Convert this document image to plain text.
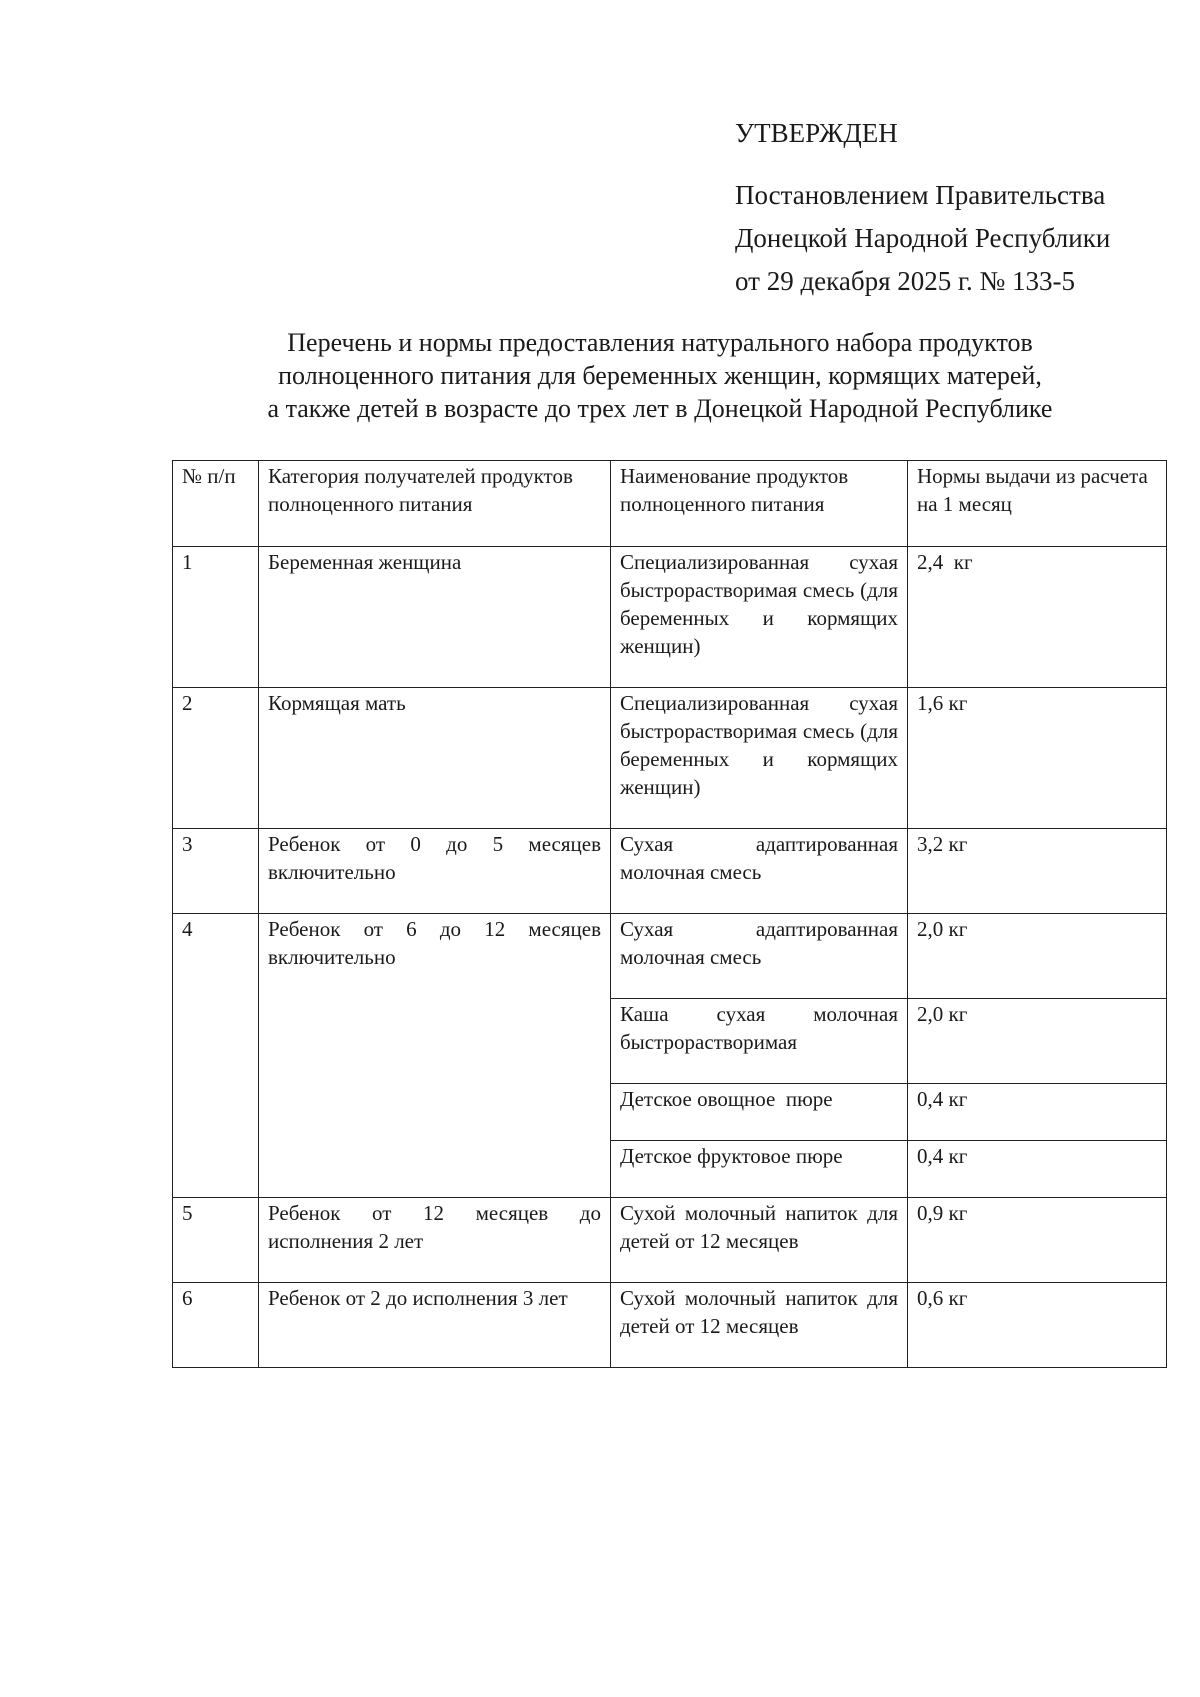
УТВЕРЖДЕН
Постановлением Правительства
Донецкой Народной Республики
от 29 декабря 2025 г. № 133-5
Перечень и нормы предоставления натурального набора продуктов
полноценного питания для беременных женщин, кормящих матерей,
а также детей в возрасте до трех лет в Донецкой Народной Республике
№ п/п	Категория получателей продуктов полноценного питания	Наименование продуктов полноценного питания	Нормы выдачи из расчета на 1 месяц
1	Беременная женщина	Специализированная сухая быстрорастворимая смесь (для беременных и кормящих женщин)	2,4  кг
2	Кормящая мать	Специализированная сухая быстрорастворимая смесь (для беременных и кормящих женщин)	1,6 кг
3	Ребенок от 0 до 5 месяцев включительно	Сухая адаптированная молочная смесь	3,2 кг
4	Ребенок от 6 до 12 месяцев включительно	Сухая адаптированная молочная смесь	2,0 кг
		Каша сухая молочная быстрорастворимая	2,0 кг
		Детское овощное  пюре	0,4 кг
		Детское фруктовое пюре	0,4 кг
5	Ребенок от 12 месяцев до исполнения 2 лет	Сухой молочный напиток для детей от 12 месяцев	0,9 кг
6	Ребенок от 2 до исполнения 3 лет	Сухой молочный напиток для детей от 12 месяцев	0,6 кг
